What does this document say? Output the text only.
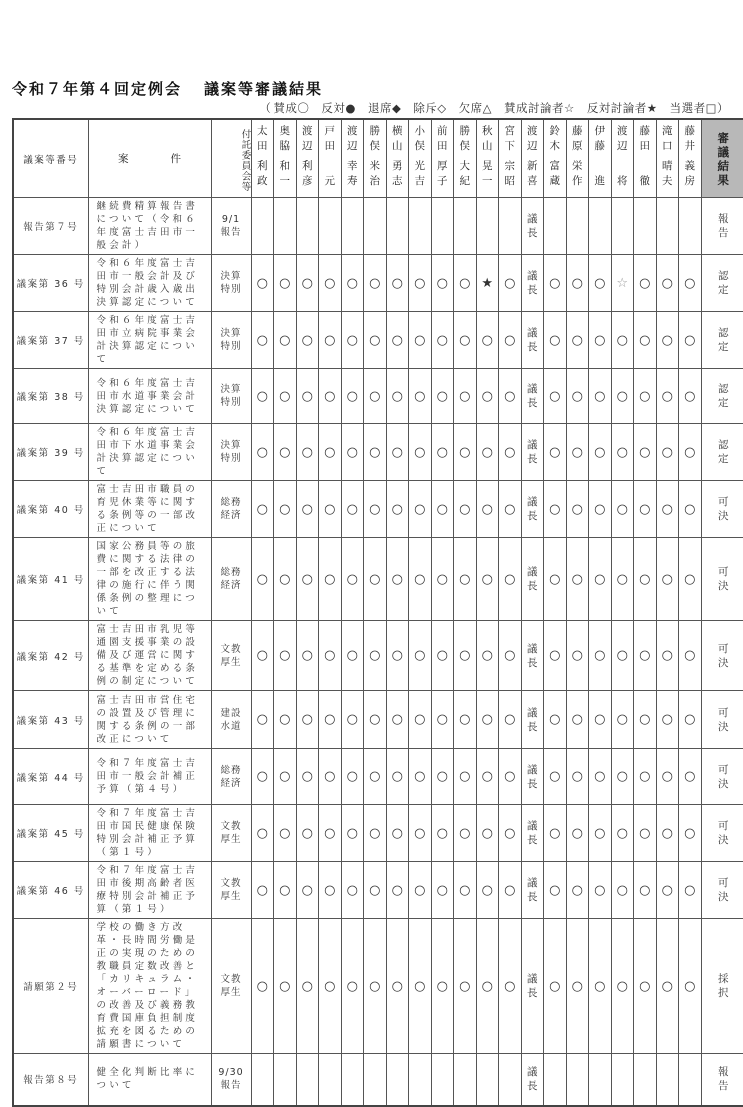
令和７年第４回定例会 議案等審議結果
（ 賛成〇 反対● 退席◆ 除斥◇ 欠席△ 賛成討論者☆ 反対討論者★ 当選者□）
議案等番号	案　　　　件	付託委員会等	太
田

利
政	奥
脇

和
一	渡
辺

利
彦	戸
田

元	渡
辺

幸
寿	勝
俣

米
治	横
山

勇
志	小
俣

光
吉	前
田

厚
子	勝
俣

大
紀	秋
山

晃
一	宮
下

宗
昭	渡
辺

新
喜	鈴
木

富
蔵	藤
原

栄
作	伊
藤

進	渡
辺

将	藤
田

徹	滝
口

晴
夫	藤
井

義
房	審
議
結
果

報告第７号	継続費精算報告書について（令和６年度富士吉田市一般会計）	9/1
報告													議
長								報
告

議案第 36 号	令和６年度富士吉田市一般会計及び特別会計歳入歳出決算認定について	決算
特別	○	○	○	○	○	○	○	○	○	○	★	○	議
長	○	○	○	☆	○	○	○	認
定

議案第 37 号	令和６年度富士吉田市立病院事業会計決算認定について	決算
特別	○	○	○	○	○	○	○	○	○	○	○	○	議
長	○	○	○	○	○	○	○	認
定

議案第 38 号	令和６年度富士吉田市水道事業会計決算認定について	決算
特別	○	○	○	○	○	○	○	○	○	○	○	○	議
長	○	○	○	○	○	○	○	認
定

議案第 39 号	令和６年度富士吉田市下水道事業会計決算認定について	決算
特別	○	○	○	○	○	○	○	○	○	○	○	○	議
長	○	○	○	○	○	○	○	認
定

議案第 40 号	富士吉田市職員の育児休業等に関する条例等の一部改正について	総務
経済	○	○	○	○	○	○	○	○	○	○	○	○	議
長	○	○	○	○	○	○	○	可
決

議案第 41 号	国家公務員等の旅費に関する法律の一部を改正する法律の施行に伴う関係条例の整理について	総務
経済	○	○	○	○	○	○	○	○	○	○	○	○	議
長	○	○	○	○	○	○	○	可
決

議案第 42 号	富士吉田市乳児等通園支援事業の設備及び運営に関する基準を定める条例の制定について	文教
厚生	○	○	○	○	○	○	○	○	○	○	○	○	議
長	○	○	○	○	○	○	○	可
決

議案第 43 号	富士吉田市営住宅の設置及び管理に関する条例の一部改正について	建設
水道	○	○	○	○	○	○	○	○	○	○	○	○	議
長	○	○	○	○	○	○	○	可
決

議案第 44 号	令和７年度富士吉田市一般会計補正予算（第４号）	総務
経済	○	○	○	○	○	○	○	○	○	○	○	○	議
長	○	○	○	○	○	○	○	可
決

議案第 45 号	令和７年度富士吉田市国民健康保険特別会計補正予算（第１号）	文教
厚生	○	○	○	○	○	○	○	○	○	○	○	○	議
長	○	○	○	○	○	○	○	可
決

議案第 46 号	令和７年度富士吉田市後期高齢者医療特別会計補正予算（第１号）	文教
厚生	○	○	○	○	○	○	○	○	○	○	○	○	議
長	○	○	○	○	○	○	○	可
決

請願第２号	学校の働き方改革・長時間労働是正の実現のための教職員定数改善と「カリキュラム・オーバーロード」の改善及び義務教育費国庫負担制度拡充を図るための請願書について	文教
厚生	○	○	○	○	○	○	○	○	○	○	○	○	議
長	○	○	○	○	○	○	○	採
択

報告第８号	健全化判断比率について	9/30
報告													議
長								報
告
